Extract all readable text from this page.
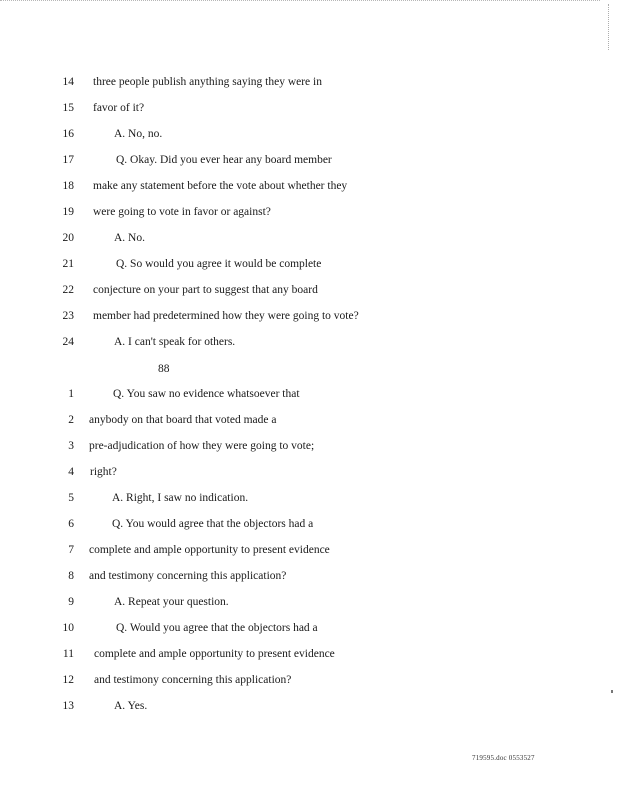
14 three people publish anything saying they were in
15 favor of it?
16	A. No, no.
17	Q. Okay. Did you ever hear any board member
18 make any statement before the vote about whether they
19 were going to vote in favor or against?
20	A. No.
21	Q. So would you agree it would be complete
22 conjecture on your part to suggest that any board
23 member had predetermined how they were going to vote?
24	A. I can't speak for others.
88
1	Q. You saw no evidence whatsoever that
2 anybody on that board that voted made a
3 pre-adjudication of how they were going to vote;
4 right?
5	A. Right, I saw no indication.
6	Q. You would agree that the objectors had a
7 complete and ample opportunity to present evidence
8 and testimony concerning this application?
9	A. Repeat your question.
10	Q. Would you agree that the objectors had a
11 complete and ample opportunity to present evidence
12 and testimony concerning this application?
13	A. Yes.
719595.doc 0553527
